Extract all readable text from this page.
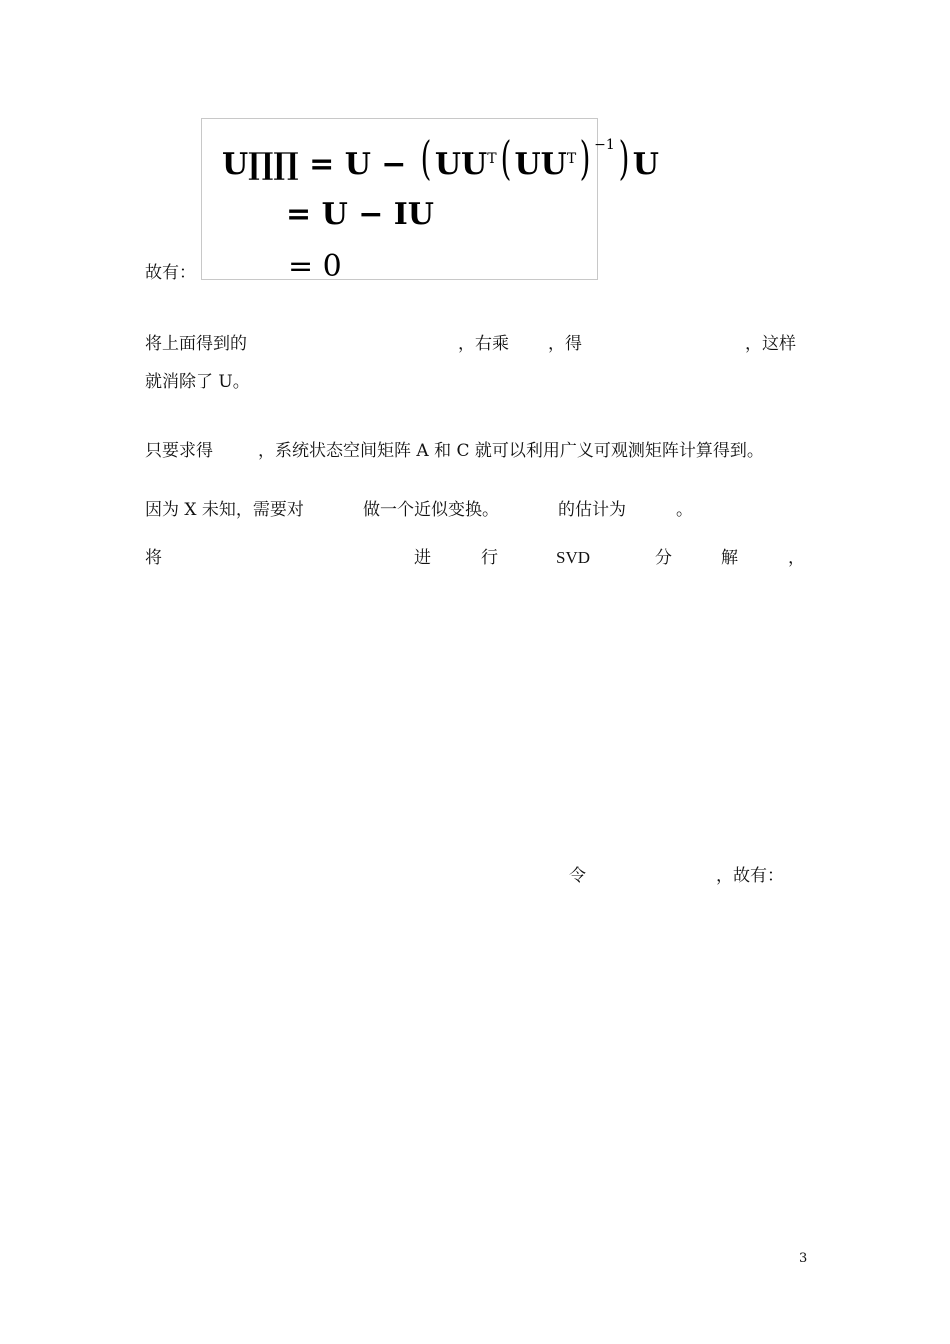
U∏∏ = U − ( $UU^T$( $UU^T$) $^{-1}$) U
= U − IU
= 0
故有：
将上面得到的	，右乘 ，得	，这样
就消除了 U。
只要求得	，系统状态空间矩阵 A 和 C 就可以利用广义可观测矩阵计算得到。
因为 X 未知，需要对	做一个近似变换。	的估计为	。
将	进	行	SVD	分	解	，
令	，故有：
3
